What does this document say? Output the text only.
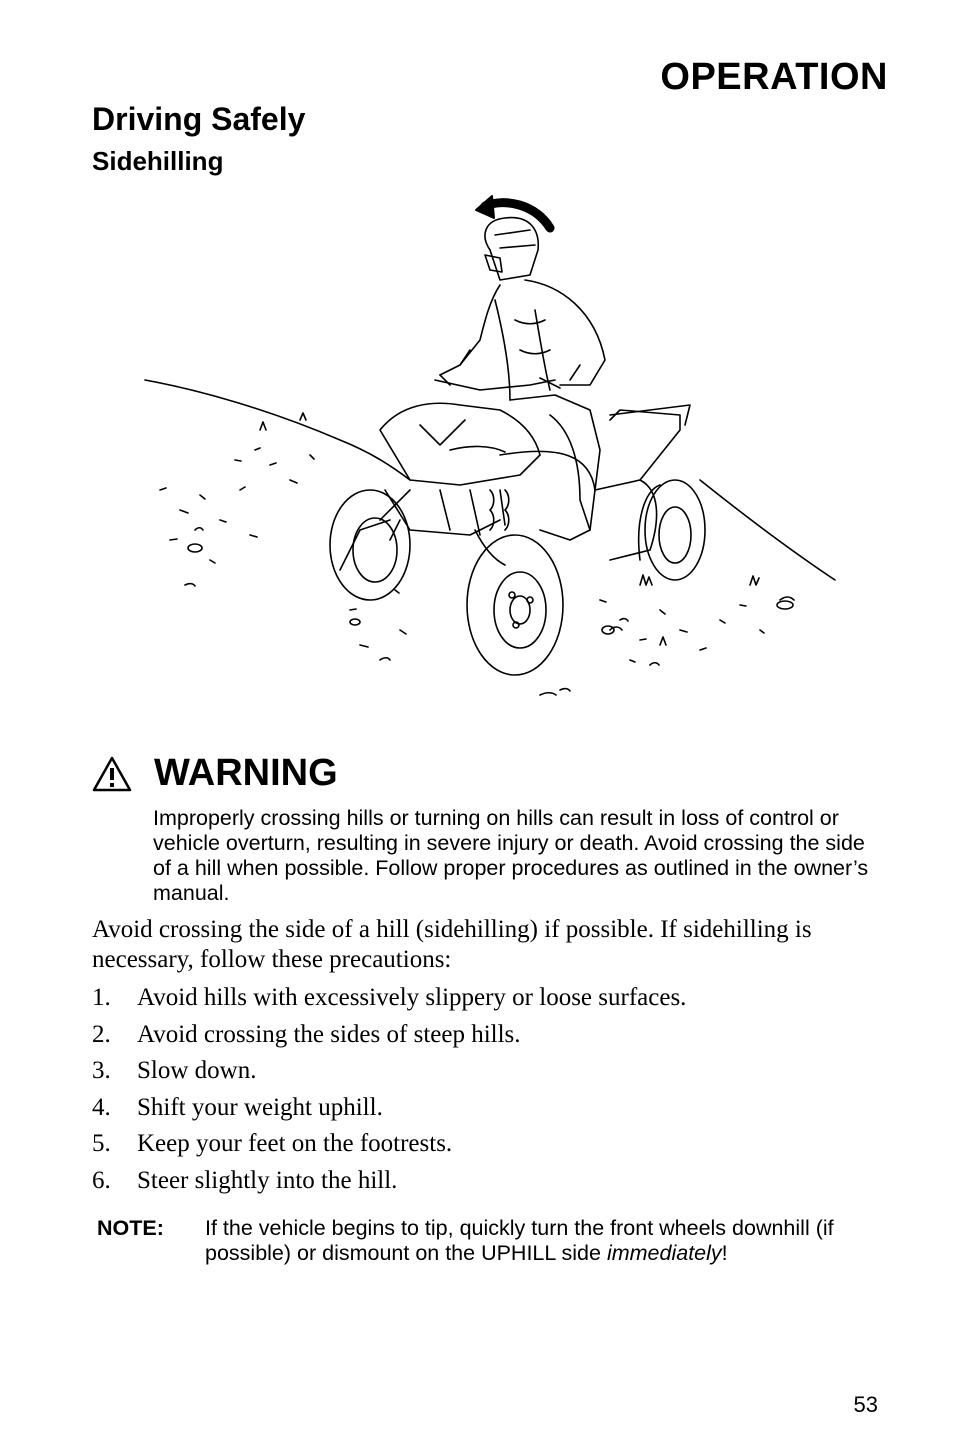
OPERATION
Driving Safely
Sidehilling
WARNING
Improperly crossing hills or turning on hills can result in loss of control or vehicle overturn, resulting in severe injury or death. Avoid crossing the side of a hill when possible. Follow proper procedures as outlined in the owner’s manual.
Avoid crossing the side of a hill (sidehilling) if possible. If sidehilling is necessary, follow these precautions:
1.	Avoid hills with excessively slippery or loose surfaces.
2.	Avoid crossing the sides of steep hills.
3.	Slow down.
4.	Shift your weight uphill.
5.	Keep your feet on the footrests.
6.	Steer slightly into the hill.
NOTE:	If the vehicle begins to tip, quickly turn the front wheels downhill (if possible) or dismount on the UPHILL side immediately!
53
